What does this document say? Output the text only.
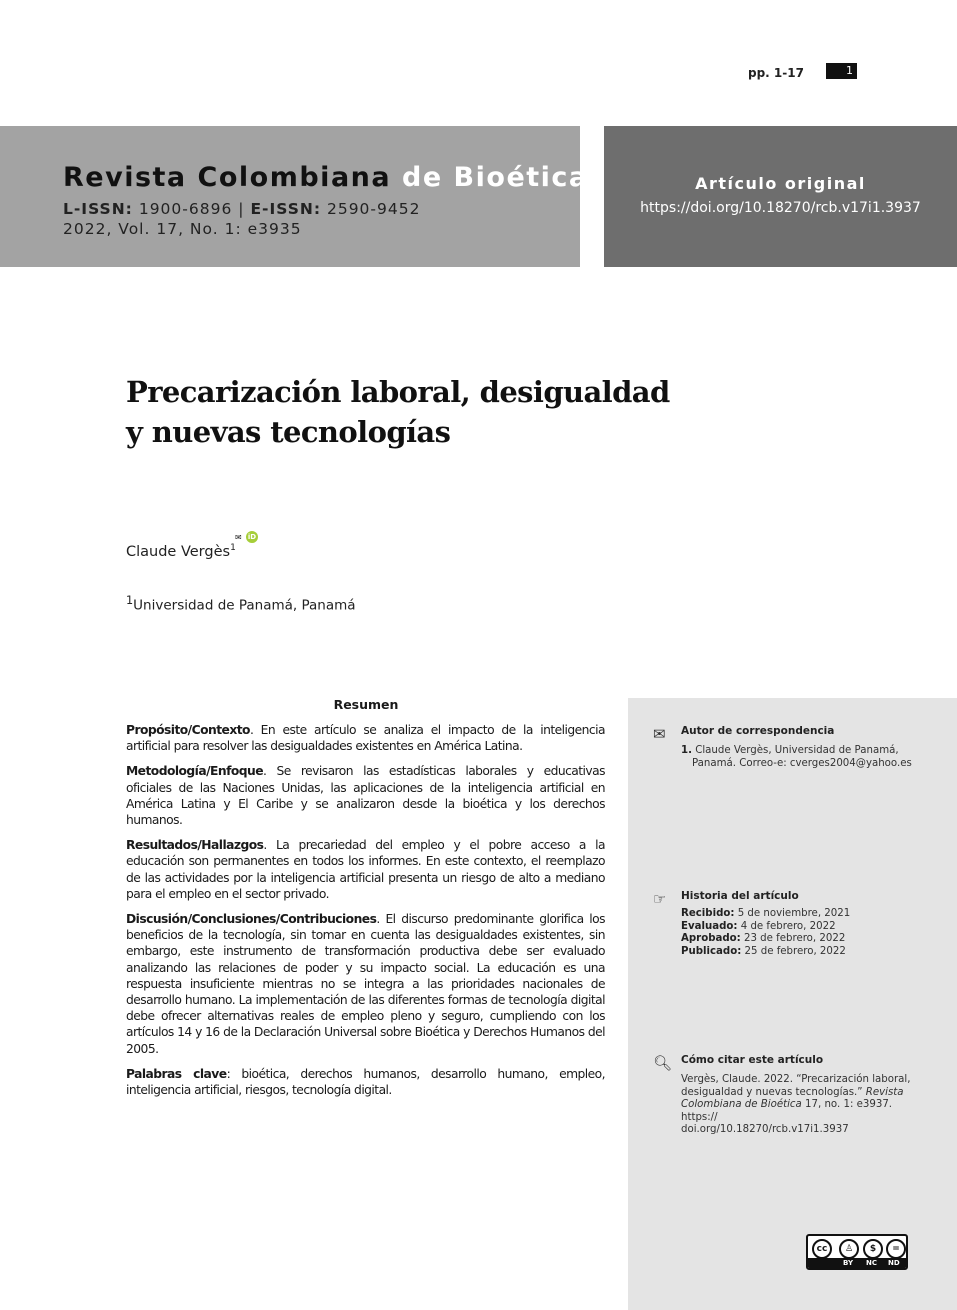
pp. 1-17	1
Revista Colombiana de Bioética
L-ISSN: 1900-6896 | E-ISSN: 2590-9452
2022, Vol. 17, No. 1: e3935
Artículo original
https://doi.org/10.18270/rcb.v17i1.3937
Precarización laboral, desigualdad
y nuevas tecnologías
Claude Vergès$^1$
✉ iD
$^1$Universidad de Panamá, Panamá
Resumen

Propósito/Contexto. En este artículo se analiza el impacto de la inteligencia artificial para resolver las desigualdades existentes en América Latina.

Metodología/Enfoque. Se revisaron las estadísticas laborales y educativas oficiales de las Naciones Unidas, las aplicaciones de la inteligencia artificial en América Latina y El Caribe y se analizaron desde la bioética y los derechos humanos.

Resultados/Hallazgos. La precariedad del empleo y el pobre acceso a la educación son permanentes en todos los informes. En este contexto, el reemplazo de las actividades por la inteligencia artificial presenta un riesgo de alto a mediano para el empleo en el sector privado.

Discusión/Conclusiones/Contribuciones. El discurso predominante glorifica los beneficios de la tecnología, sin tomar en cuenta las desigualdades existentes, sin embargo, este instrumento de transformación productiva debe ser evaluado analizando las relaciones de poder y su impacto social. La educación es una respuesta insuficiente mientras no se integra a las prioridades nacionales de desarrollo humano. La implementación de las diferentes formas de tecnología digital debe ofrecer alternativas reales de empleo pleno y seguro, cumpliendo con los artículos 14 y 16 de la Declaración Universal sobre Bioética y Derechos Humanos del 2005.

Palabras clave: bioética, derechos humanos, desarrollo humano, empleo, inteligencia artificial, riesgos, tecnología digital.

✉ Autor de correspondencia
1. Claude Vergès, Universidad de Panamá,
Panamá. Correo-e: cverges2004@yahoo.es
☞ Historia del artículo
Recibido: 5 de noviembre, 2021
Evaluado: 4 de febrero, 2022
Aprobado: 23 de febrero, 2022
Publicado: 25 de febrero, 2022
🔍︎ Cómo citar este artículo
Vergès, Claude. 2022. “Precarización laboral,
desigualdad y nuevas tecnologías.” Revista
Colombiana de Bioética 17, no. 1: e3937. https://
doi.org/10.18270/rcb.v17i1.3937
cc	♙	$	=
BY NC ND
